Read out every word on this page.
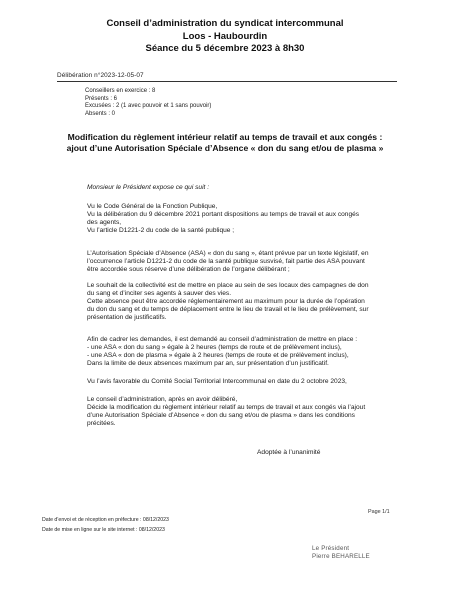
Conseil d’administration du syndicat intercommunal
Loos - Haubourdin
Séance du 5 décembre 2023 à 8h30
Délibération n°2023-12-05-07
Conseillers en exercice : 8
Présents : 6
Excusées : 2 (1 avec pouvoir et 1 sans pouvoir)
Absents : 0
Modification du règlement intérieur relatif au temps de travail et aux congés :
ajout d’une Autorisation Spéciale d’Absence « don du sang et/ou de plasma »
Monsieur le Président expose ce qui suit :
Vu le Code Général de la Fonction Publique,
Vu la délibération du 9 décembre 2021 portant dispositions au temps de travail et aux congés
des agents,
Vu l’article D1221-2 du code de la santé publique ;
L’Autorisation Spéciale d’Absence (ASA) « don du sang », étant prévue par un texte législatif, en
l’occurrence l’article D1221-2 du code de la santé publique susvisé, fait partie des ASA pouvant
être accordée sous réserve d’une délibération de l’organe délibérant ;
Le souhait de la collectivité est de mettre en place au sein de ses locaux des campagnes de don
du sang et d’inciter ses agents à sauver des vies.
Cette absence peut être accordée réglementairement au maximum pour la durée de l’opération
du don du sang et du temps de déplacement entre le lieu de travail et le lieu de prélèvement, sur
présentation de justificatifs.
Afin de cadrer les demandes, il est demandé au conseil d’administration de mettre en place :
- une ASA « don du sang » égale à 2 heures (temps de route et de prélèvement inclus),
- une ASA « don de plasma » égale à 2 heures (temps de route et de prélèvement inclus),
Dans la limite de deux absences maximum par an, sur présentation d’un justificatif.
Vu l’avis favorable du Comité Social Territorial Intercommunal en date du 2 octobre 2023,
Le conseil d’administration, après en avoir délibéré,
Décide la modification du règlement intérieur relatif au temps de travail et aux congés via l’ajout
d’une Autorisation Spéciale d’Absence « don du sang et/ou de plasma » dans les conditions
précitées.
Adoptée à l’unanimité
Page 1/1
Date d’envoi et de réception en préfecture : 08/12/2023
Date de mise en ligne sur le site internet : 08/12/2023
Le Président
Pierre BEHARELLE
